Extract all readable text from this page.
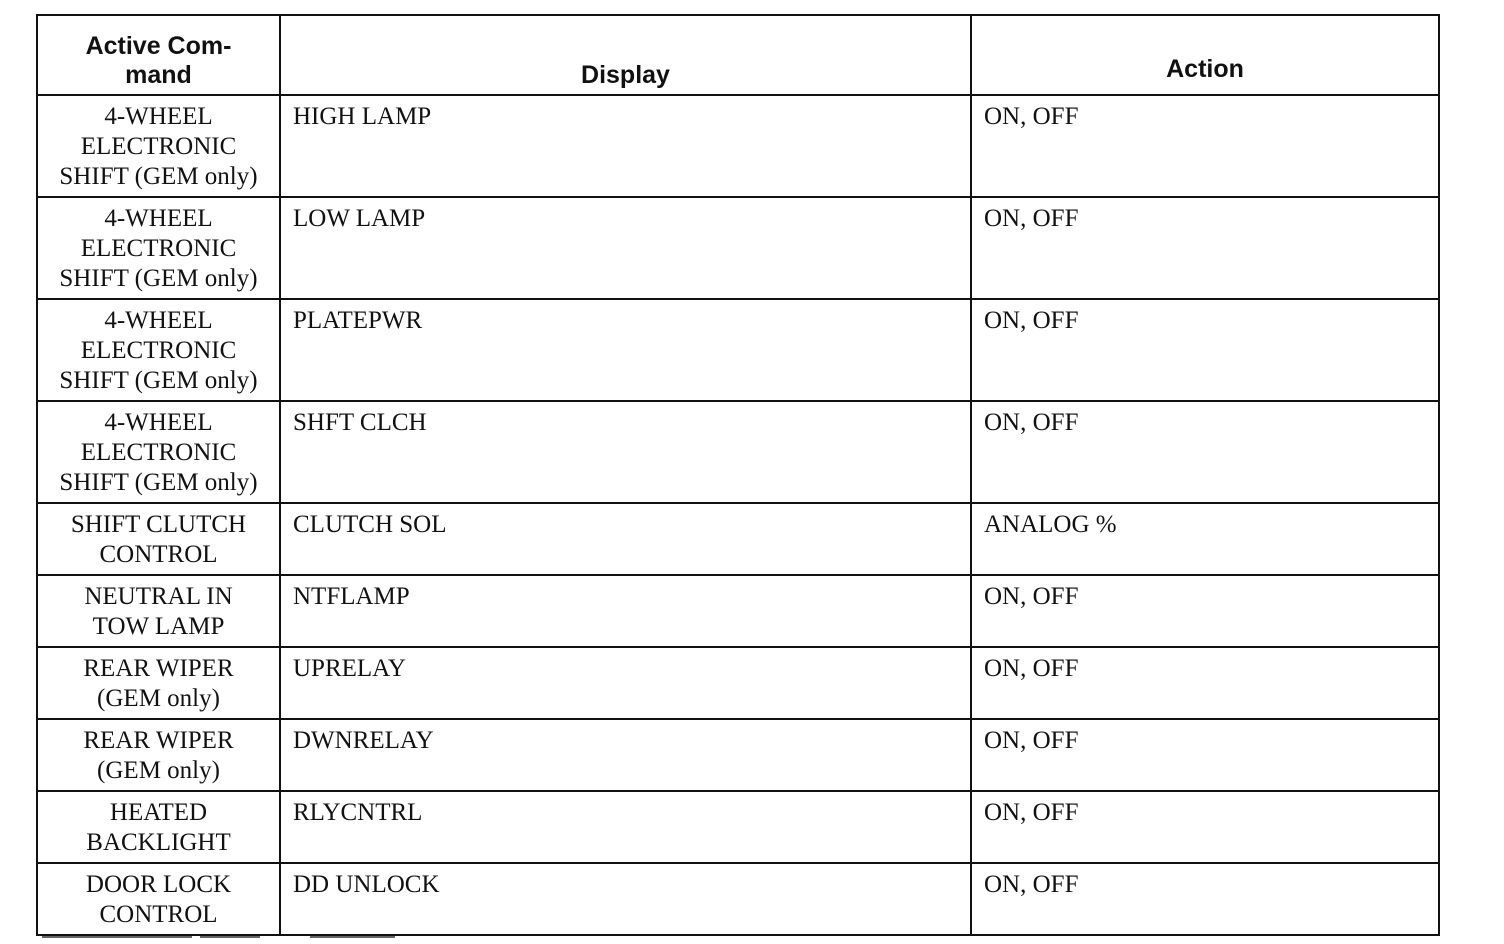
Active Com-
mand	Display	Action

4-WHEEL
ELECTRONIC
SHIFT (GEM only)	HIGH LAMP	ON, OFF

4-WHEEL
ELECTRONIC
SHIFT (GEM only)	LOW LAMP	ON, OFF

4-WHEEL
ELECTRONIC
SHIFT (GEM only)	PLATEPWR	ON, OFF

4-WHEEL
ELECTRONIC
SHIFT (GEM only)	SHFT CLCH	ON, OFF

SHIFT CLUTCH
CONTROL	CLUTCH SOL	ANALOG %

NEUTRAL IN
TOW LAMP	NTFLAMP	ON, OFF

REAR WIPER
(GEM only)	UPRELAY	ON, OFF

REAR WIPER
(GEM only)	DWNRELAY	ON, OFF

HEATED
BACKLIGHT	RLYCNTRL	ON, OFF

DOOR LOCK
CONTROL	DD UNLOCK	ON, OFF
